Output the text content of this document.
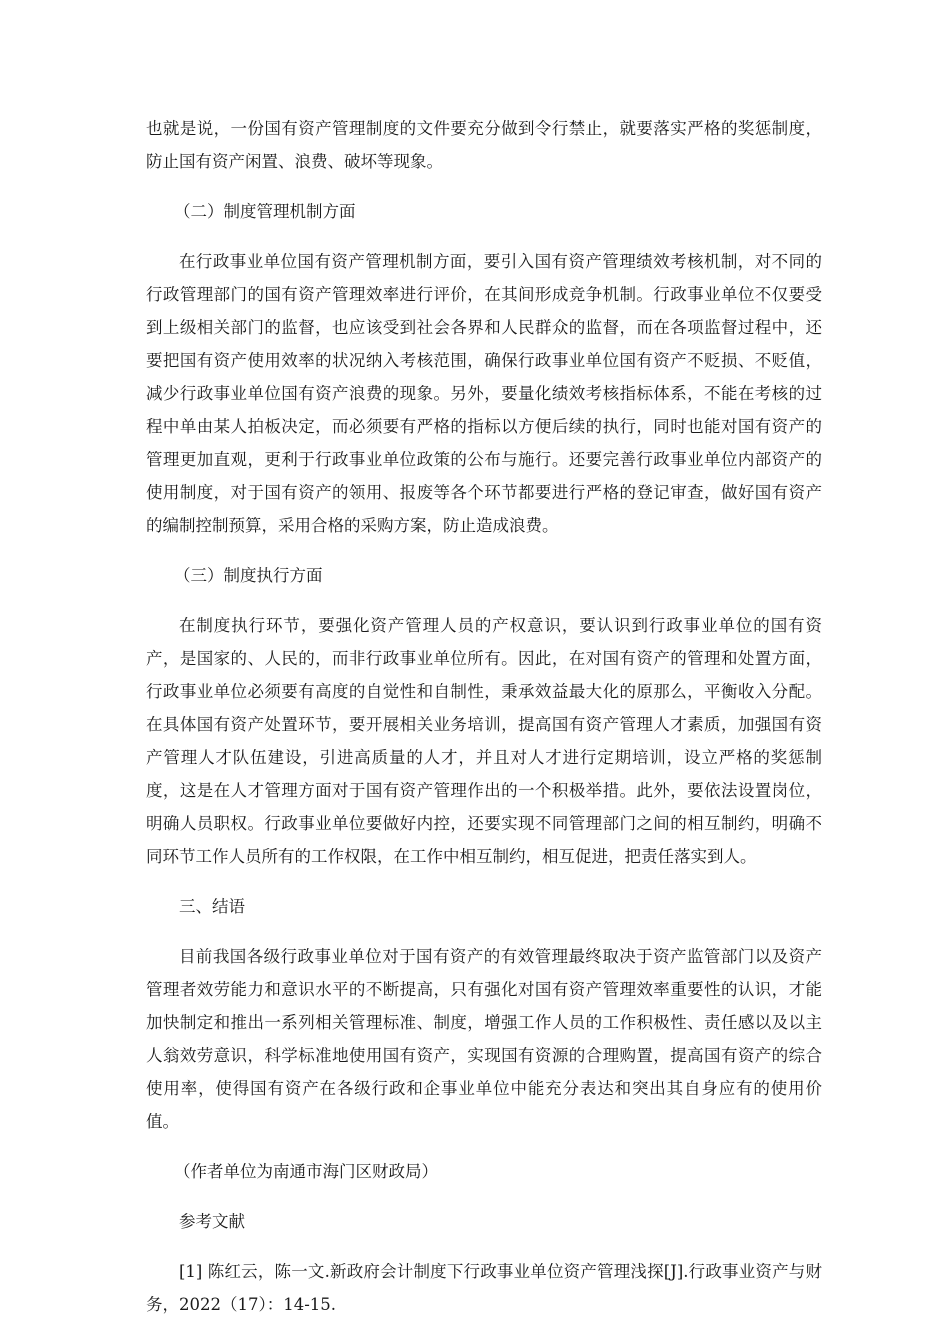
也就是说，一份国有资产管理制度的文件要充分做到令行禁止，就要落实严格的奖惩制度，防止国有资产闲置、浪费、破坏等现象。

（二）制度管理机制方面

在行政事业单位国有资产管理机制方面，要引入国有资产管理绩效考核机制，对不同的行政管理部门的国有资产管理效率进行评价，在其间形成竞争机制。行政事业单位不仅要受到上级相关部门的监督，也应该受到社会各界和人民群众的监督，而在各项监督过程中，还要把国有资产使用效率的状况纳入考核范围，确保行政事业单位国有资产不贬损、不贬值，减少行政事业单位国有资产浪费的现象。另外，要量化绩效考核指标体系，不能在考核的过程中单由某人拍板决定，而必须要有严格的指标以方便后续的执行，同时也能对国有资产的管理更加直观，更利于行政事业单位政策的公布与施行。还要完善行政事业单位内部资产的使用制度，对于国有资产的领用、报废等各个环节都要进行严格的登记审查，做好国有资产的编制控制预算，采用合格的采购方案，防止造成浪费。

（三）制度执行方面

在制度执行环节，要强化资产管理人员的产权意识，要认识到行政事业单位的国有资产，是国家的、人民的，而非行政事业单位所有。因此，在对国有资产的管理和处置方面，行政事业单位必须要有高度的自觉性和自制性，秉承效益最大化的原那么，平衡收入分配。在具体国有资产处置环节，要开展相关业务培训，提高国有资产管理人才素质，加强国有资产管理人才队伍建设，引进高质量的人才，并且对人才进行定期培训，设立严格的奖惩制度，这是在人才管理方面对于国有资产管理作出的一个积极举措。此外，要依法设置岗位，明确人员职权。行政事业单位要做好内控，还要实现不同管理部门之间的相互制约，明确不同环节工作人员所有的工作权限，在工作中相互制约，相互促进，把责任落实到人。

三、结语

目前我国各级行政事业单位对于国有资产的有效管理最终取决于资产监管部门以及资产管理者效劳能力和意识水平的不断提高，只有强化对国有资产管理效率重要性的认识，才能加快制定和推出一系列相关管理标准、制度，增强工作人员的工作积极性、责任感以及以主人翁效劳意识，科学标准地使用国有资产，实现国有资源的合理购置，提高国有资产的综合使用率，使得国有资产在各级行政和企事业单位中能充分表达和突出其自身应有的使用价值。

（作者单位为南通市海门区财政局）

参考文献

[1] 陈红云，陈一文.新政府会计制度下行政事业单位资产管理浅探[J].行政事业资产与财务，2022（17）：14-15.
